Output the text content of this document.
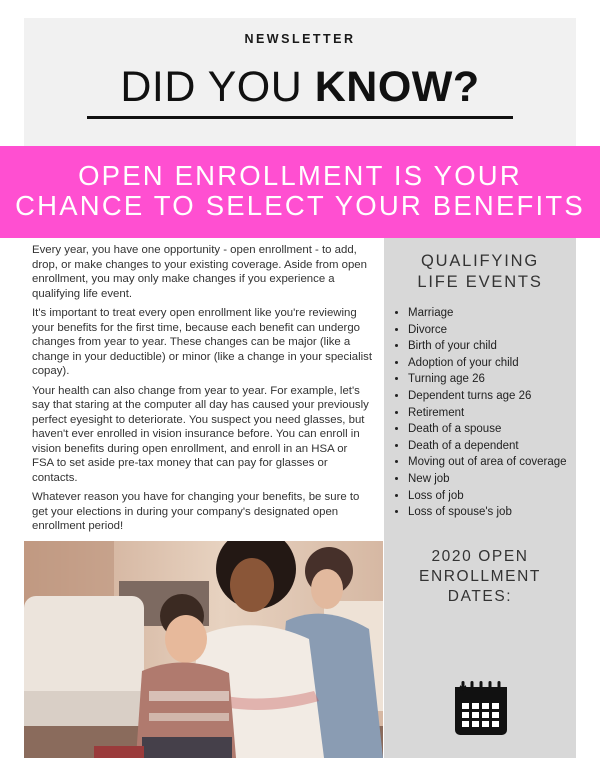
NEWSLETTER
DID YOU KNOW?
OPEN ENROLLMENT IS YOUR
CHANCE TO SELECT YOUR BENEFITS

Every year, you have one opportunity - open enrollment - to add, drop, or make changes to your existing coverage. Aside from open enrollment, you may only make changes if you experience a qualifying life event.

It's important to treat every open enrollment like you're reviewing your benefits for the first time, because each benefit can undergo changes from year to year. These changes can be major (like a change in your deductible) or minor (like a change in your specialist copay).

Your health can also change from year to year. For example, let's say that staring at the computer all day has caused your previously perfect eyesight to deteriorate. You suspect you need glasses, but haven't ever enrolled in vision insurance before. You can enroll in vision benefits during open enrollment, and enroll in an HSA or FSA to set aside pre-tax money that can pay for glasses or contacts.

Whatever reason you have for changing your benefits, be sure to get your elections in during your company's designated open enrollment period!

QUALIFYING
LIFE EVENTS
• Marriage
• Divorce
• Birth of your child
• Adoption of your child
• Turning age 26
• Dependent turns age 26
• Retirement
• Death of a spouse
• Death of a dependent
• Moving out of area of coverage
• New job
• Loss of job
• Loss of spouse's job
2020 OPEN
ENROLLMENT
DATES:
